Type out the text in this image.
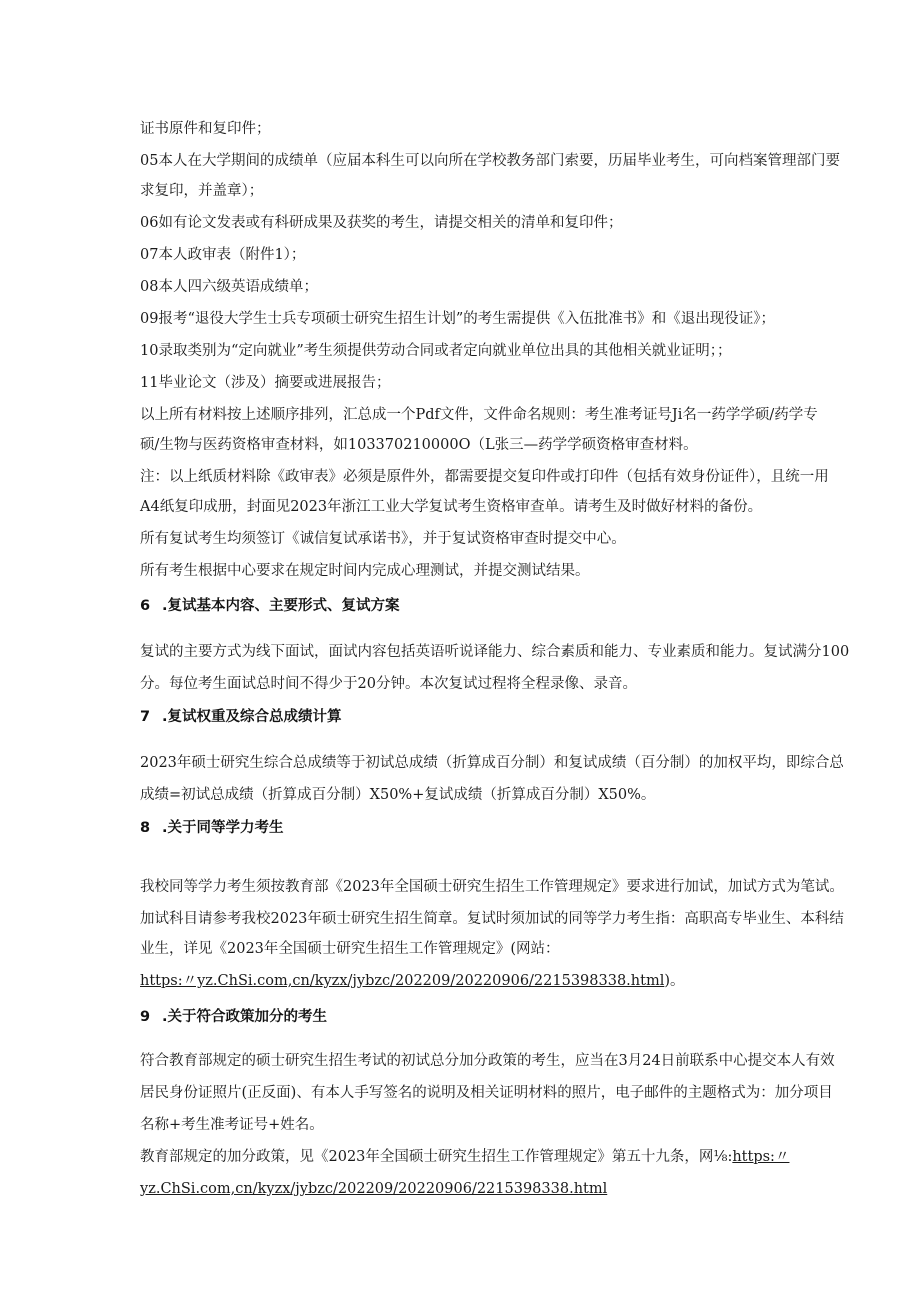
证书原件和复印件；
05本人在大学期间的成绩单（应届本科生可以向所在学校教务部门索要，历届毕业考生，可向档案管理部门要
求复印，并盖章）；
06如有论文发表或有科研成果及获奖的考生，请提交相关的清单和复印件；
07本人政审表（附件1）；
08本人四六级英语成绩单；
09报考“退役大学生士兵专项硕士研究生招生计划”的考生需提供《入伍批准书》和《退出现役证》；
10录取类别为“定向就业”考生须提供劳动合同或者定向就业单位出具的其他相关就业证明；；
11毕业论文（涉及）摘要或进展报告；
以上所有材料按上述顺序排列，汇总成一个Pdf文件，文件命名规则：考生准考证号Ji名一药学学硕/药学专
硕/生物与医药资格审查材料，如103370210000O（L张三—药学学硕资格审查材料。
注：以上纸质材料除《政审表》必须是原件外，都需要提交复印件或打印件（包括有效身份证件），且统一用
A4纸复印成册，封面见2023年浙江工业大学复试考生资格审查单。请考生及时做好材料的备份。
所有复试考生均须签订《诚信复试承诺书》，并于复试资格审查时提交中心。
所有考生根据中心要求在规定时间内完成心理测试，并提交测试结果。
6 .复试基本内容、主要形式、复试方案
复试的主要方式为线下面试，面试内容包括英语听说译能力、综合素质和能力、专业素质和能力。复试满分100
分。每位考生面试总时间不得少于20分钟。本次复试过程将全程录像、录音。
7 .复试权重及综合总成绩计算
2023年硕士研究生综合总成绩等于初试总成绩（折算成百分制）和复试成绩（百分制）的加权平均，即综合总
成绩=初试总成绩（折算成百分制）X50%+复试成绩（折算成百分制）X50%。
8 .关于同等学力考生
我校同等学力考生须按教育部《2023年全国硕士研究生招生工作管理规定》要求进行加试，加试方式为笔试。
加试科目请参考我校2023年硕士研究生招生简章。复试时须加试的同等学力考生指：高职高专毕业生、本科结
业生，详见《2023年全国硕士研究生招生工作管理规定》(网站：
https:〃yz.ChSi.com,cn/kyzx/jybzc/202209/20220906/2215398338.html)。
9 .关于符合政策加分的考生
符合教育部规定的硕士研究生招生考试的初试总分加分政策的考生，应当在3月24日前联系中心提交本人有效
居民身份证照片(正反面)、有本人手写签名的说明及相关证明材料的照片，电子邮件的主题格式为：加分项目
名称+考生准考证号+姓名。
教育部规定的加分政策，见《2023年全国硕士研究生招生工作管理规定》第五十九条，网⅛:https:〃
yz.ChSi.com,cn/kyzx/jybzc/202209/20220906/2215398338.html
